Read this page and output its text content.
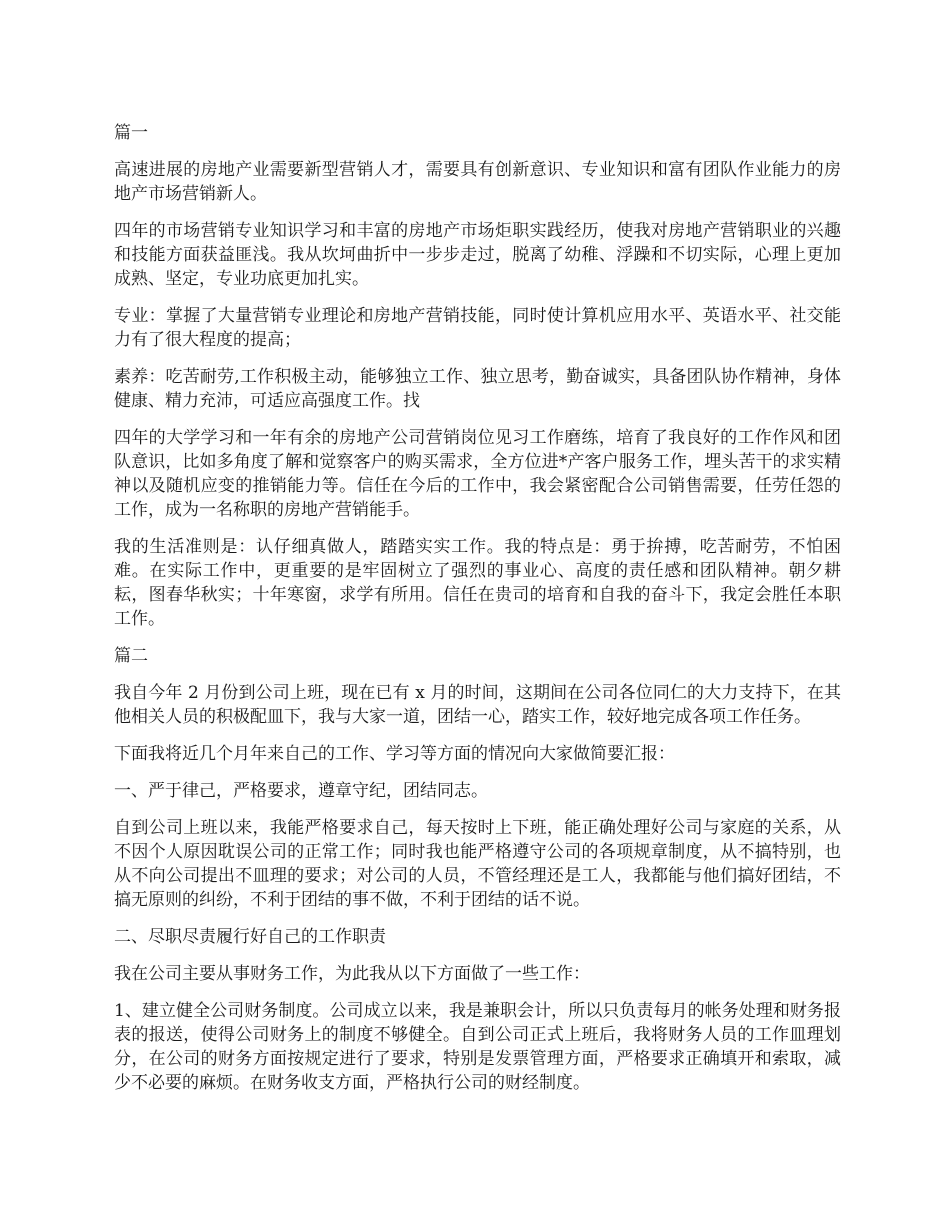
篇一

高速进展的房地产业需要新型营销人才，需要具有创新意识、专业知识和富有团队作业能力的房地产市场营销新人。

四年的市场营销专业知识学习和丰富的房地产市场炬职实践经历，使我对房地产营销职业的兴趣和技能方面获益匪浅。我从坎坷曲折中一步步走过，脱离了幼稚、浮躁和不切实际，心理上更加成熟、坚定，专业功底更加扎实。

专业：掌握了大量营销专业理论和房地产营销技能，同时使计算机应用水平、英语水平、社交能力有了很大程度的提高；

素养：吃苦耐劳,工作积极主动，能够独立工作、独立思考，勤奋诚实，具备团队协作精神，身体健康、精力充沛，可适应高强度工作。找

四年的大学学习和一年有余的房地产公司营销岗位见习工作磨练，培育了我良好的工作作风和团队意识，比如多角度了解和觉察客户的购买需求，全方位进*产客户服务工作，埋头苦干的求实精神以及随机应变的推销能力等。信任在今后的工作中，我会紧密配合公司销售需要，任劳任怨的工作，成为一名称职的房地产营销能手。

我的生活准则是：认仔细真做人，踏踏实实工作。我的特点是：勇于拚搏，吃苦耐劳，不怕困难。在实际工作中，更重要的是牢固树立了强烈的事业心、高度的责任感和团队精神。朝夕耕耘，图春华秋实；十年寒窗，求学有所用。信任在贵司的培育和自我的奋斗下，我定会胜任本职工作。

篇二

我自今年 2 月份到公司上班，现在已有 x 月的时间，这期间在公司各位同仁的大力支持下，在其他相关人员的积极配皿下，我与大家一道，团结一心，踏实工作，较好地完成各项工作任务。

下面我将近几个月年来自己的工作、学习等方面的情况向大家做简要汇报：

一、严于律己，严格要求，遵章守纪，团结同志。

自到公司上班以来，我能严格要求自己，每天按时上下班，能正确处理好公司与家庭的关系，从不因个人原因耽误公司的正常工作；同时我也能严格遵守公司的各项规章制度，从不搞特别，也从不向公司提出不皿理的要求；对公司的人员，不管经理还是工人，我都能与他们搞好团结，不搞无原则的纠纷，不利于团结的事不做，不利于团结的话不说。

二、尽职尽责履行好自己的工作职责

我在公司主要从事财务工作，为此我从以下方面做了一些工作：

1、建立健全公司财务制度。公司成立以来，我是兼职会计，所以只负责每月的帐务处理和财务报表的报送，使得公司财务上的制度不够健全。自到公司正式上班后，我将财务人员的工作皿理划分，在公司的财务方面按规定进行了要求，特别是发票管理方面，严格要求正确填开和索取，减少不必要的麻烦。在财务收支方面，严格执行公司的财经制度。
